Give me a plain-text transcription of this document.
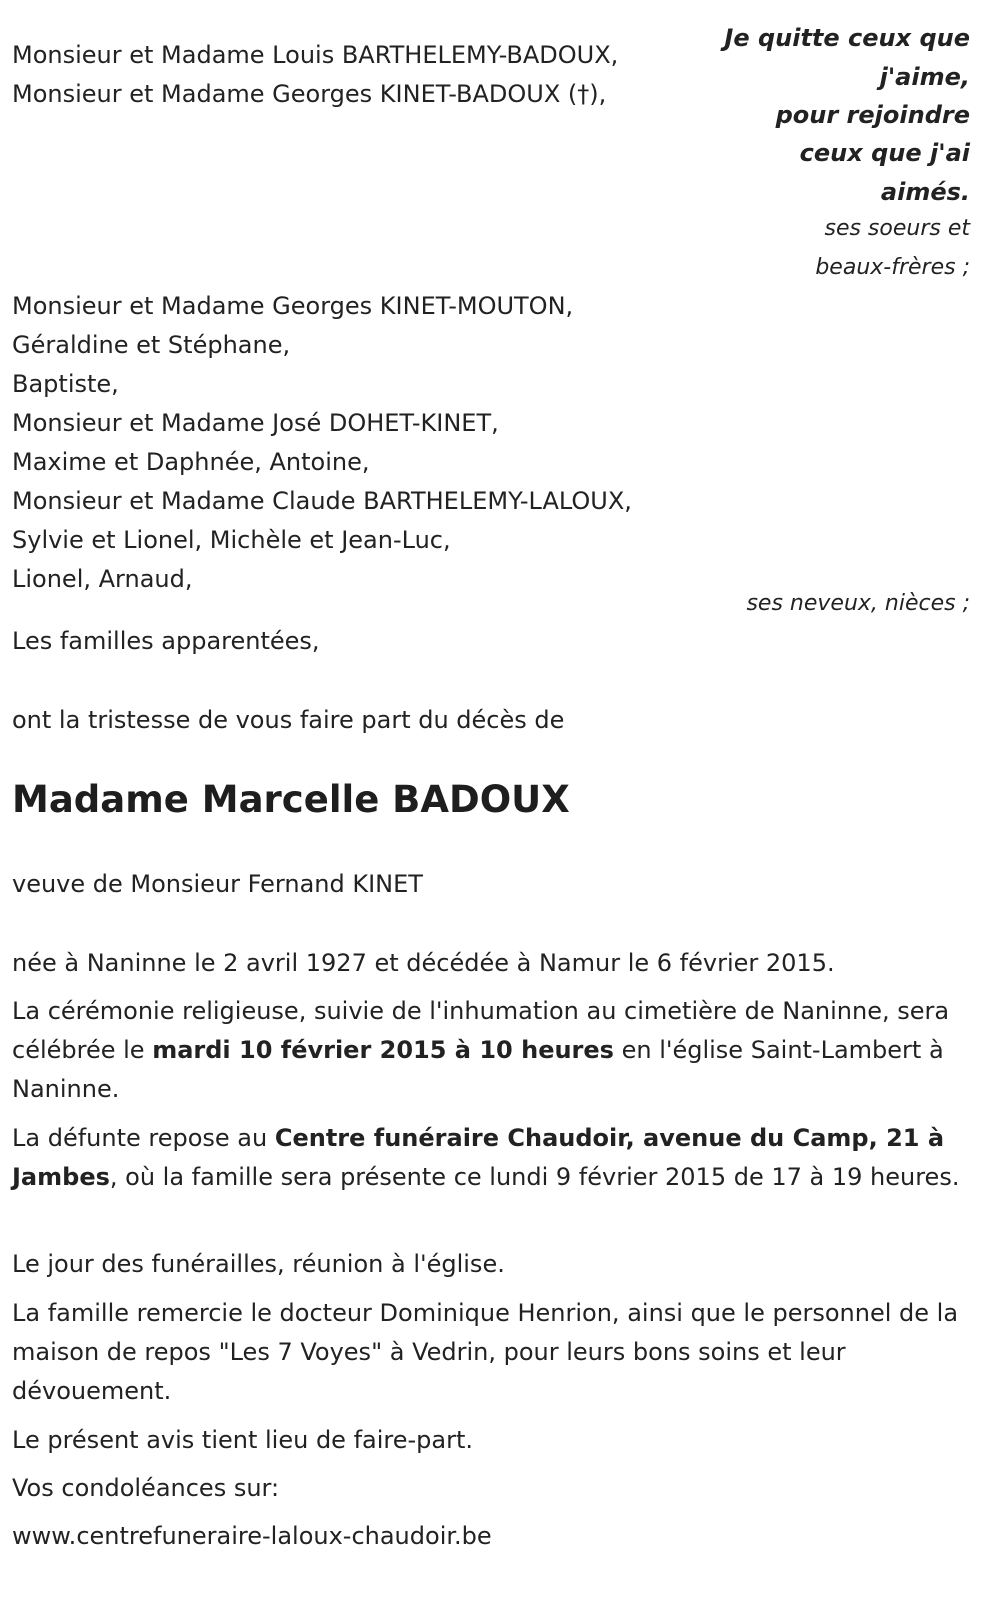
Monsieur et Madame Louis BARTHELEMY-BADOUX,
Monsieur et Madame Georges KINET-BADOUX (†),
Je quitte ceux que
j'aime,
pour rejoindre
ceux que j'ai
aimés.
ses soeurs et
beaux-frères ;
Monsieur et Madame Georges KINET-MOUTON,
Géraldine et Stéphane,
Baptiste,
Monsieur et Madame José DOHET-KINET,
Maxime et Daphnée, Antoine,
Monsieur et Madame Claude BARTHELEMY-LALOUX,
Sylvie et Lionel, Michèle et Jean-Luc,
Lionel, Arnaud,
ses neveux, nièces ;
Les familles apparentées,
ont la tristesse de vous faire part du décès de
Madame Marcelle BADOUX
veuve de Monsieur Fernand KINET
née à Naninne le 2 avril 1927 et décédée à Namur le 6 février 2015.
La cérémonie religieuse, suivie de l'inhumation au cimetière de Naninne, sera célébrée le mardi 10 février 2015 à 10 heures en l'église Saint-Lambert à Naninne.
La défunte repose au Centre funéraire Chaudoir, avenue du Camp, 21 à Jambes, où la famille sera présente ce lundi 9 février 2015 de 17 à 19 heures.
Le jour des funérailles, réunion à l'église.
La famille remercie le docteur Dominique Henrion, ainsi que le personnel de la maison de repos "Les 7 Voyes" à Vedrin, pour leurs bons soins et leur dévouement.
Le présent avis tient lieu de faire-part.
Vos condoléances sur:
www.centrefuneraire-laloux-chaudoir.be
